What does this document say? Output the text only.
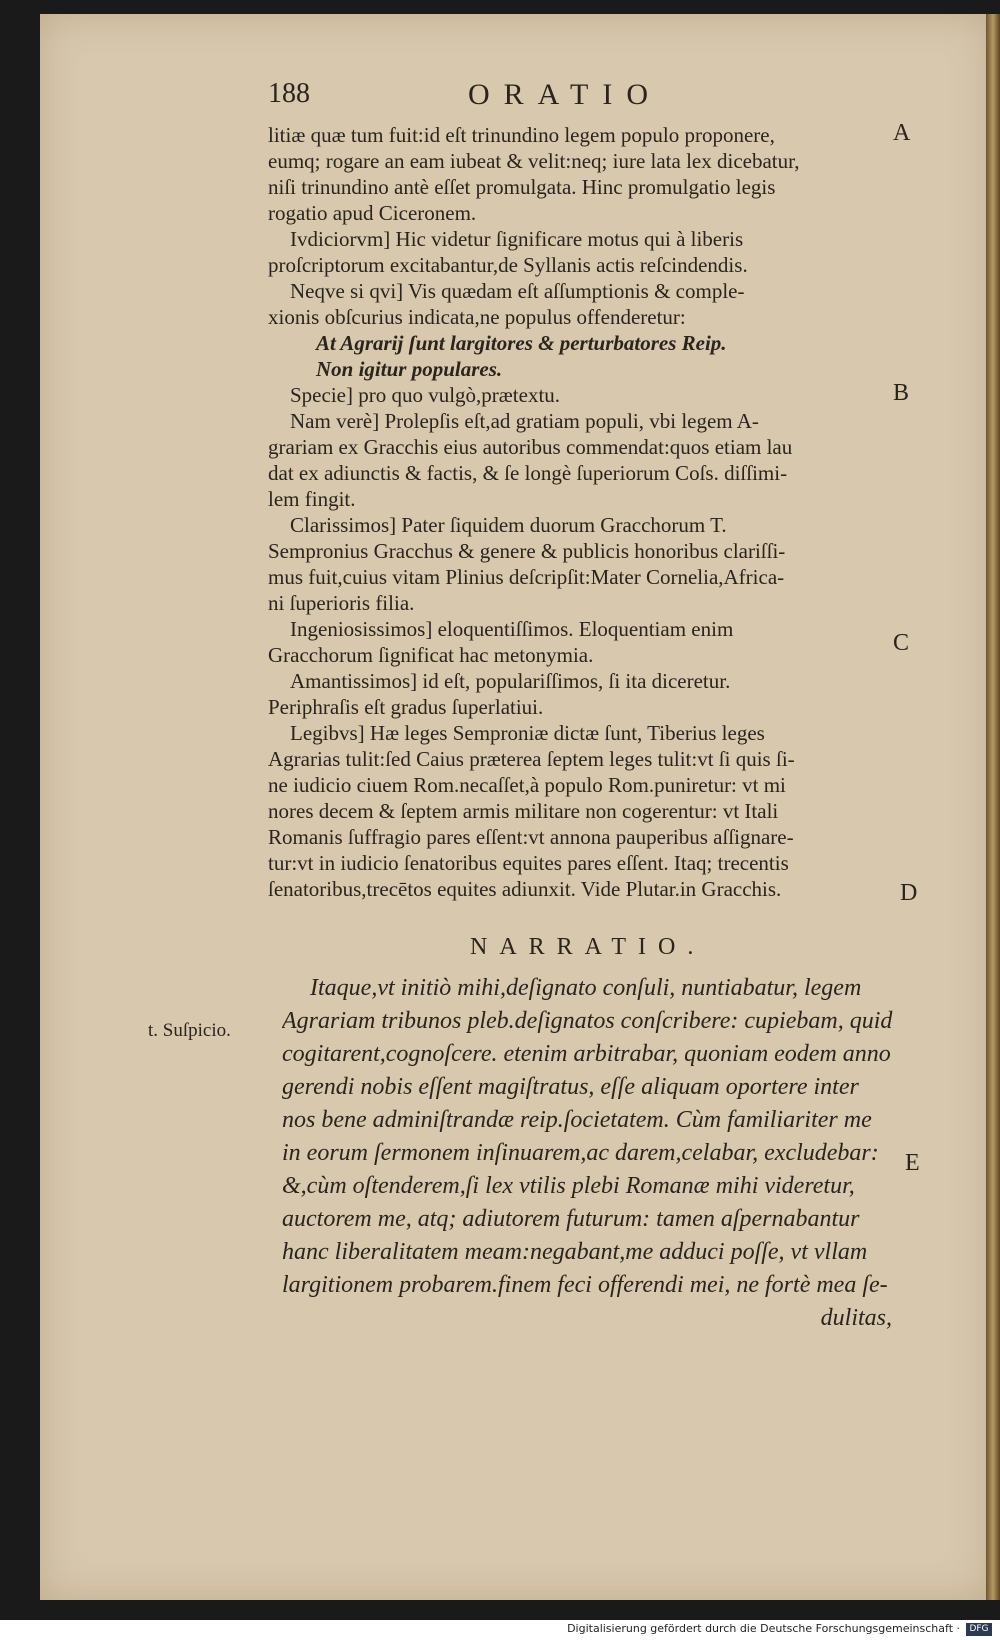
188	ORATIO
litiæ quæ tum fuit:id eſt trinundino legem populo proponere,
eumq; rogare an eam iubeat & velit:neq; iure lata lex dicebatur,
niſi trinundino antè eſſet promulgata. Hinc promulgatio legis
rogatio apud Ciceronem.
Ivdiciorvm] Hic videtur ſignificare motus qui à liberis
proſcriptorum excitabantur,de Syllanis actis reſcindendis.
Neqve si qvi] Vis quædam eſt aſſumptionis & comple-
xionis obſcurius indicata,ne populus offenderetur:
At Agrarij ſunt largitores & perturbatores Reip.
Non igitur populares.
Specie] pro quo vulgò,prætextu.
Nam verè] Prolepſis eſt,ad gratiam populi, vbi legem A-
grariam ex Gracchis eius autoribus commendat:quos etiam lau
dat ex adiunctis & factis, & ſe longè ſuperiorum Coſs. diſſimi-
lem fingit.
Clarissimos] Pater ſiquidem duorum Gracchorum T.
Sempronius Gracchus & genere & publicis honoribus clariſſi-
mus fuit,cuius vitam Plinius deſcripſit:Mater Cornelia,Africa-
ni ſuperioris filia.
Ingeniosissimos] eloquentiſſimos. Eloquentiam enim
Gracchorum ſignificat hac metonymia.
Amantissimos] id eſt, populariſſimos, ſi ita diceretur.
Periphraſis eſt gradus ſuperlatiui.
Legibvs] Hæ leges Semproniæ dictæ ſunt, Tiberius leges
Agrarias tulit:ſed Caius præterea ſeptem leges tulit:vt ſi quis ſi-
ne iudicio ciuem Rom.necaſſet,à populo Rom.puniretur: vt mi
nores decem & ſeptem armis militare non cogerentur: vt Itali
Romanis ſuffragio pares eſſent:vt annona pauperibus aſſignare-
tur:vt in iudicio ſenatoribus equites pares eſſent. Itaq; trecentis
ſenatoribus,trecētos equites adiunxit. Vide Plutar.in Gracchis.
A
B
C
D
E
NARRATIO.
t. Suſpicio.
Itaque,vt initiò mihi,deſignato conſuli, nuntiabatur, legem
Agrariam tribunos pleb.deſignatos conſcribere: cupiebam, quid
cogitarent,cognoſcere. etenim arbitrabar, quoniam eodem anno
gerendi nobis eſſent magiſtratus, eſſe aliquam oportere inter
nos bene adminiſtrandæ reip.ſocietatem. Cùm familiariter me
in eorum ſermonem inſinuarem,ac darem,celabar, excludebar:
&,cùm oſtenderem,ſi lex vtilis plebi Romanæ mihi videretur,
auctorem me, atq; adiutorem futurum: tamen aſpernabantur
hanc liberalitatem meam:negabant,me adduci poſſe, vt vllam
largitionem probarem.finem feci offerendi mei, ne fortè mea ſe-
dulitas,
Digitalisierung gefördert durch die Deutsche Forschungsgemeinschaft ·	DFG
